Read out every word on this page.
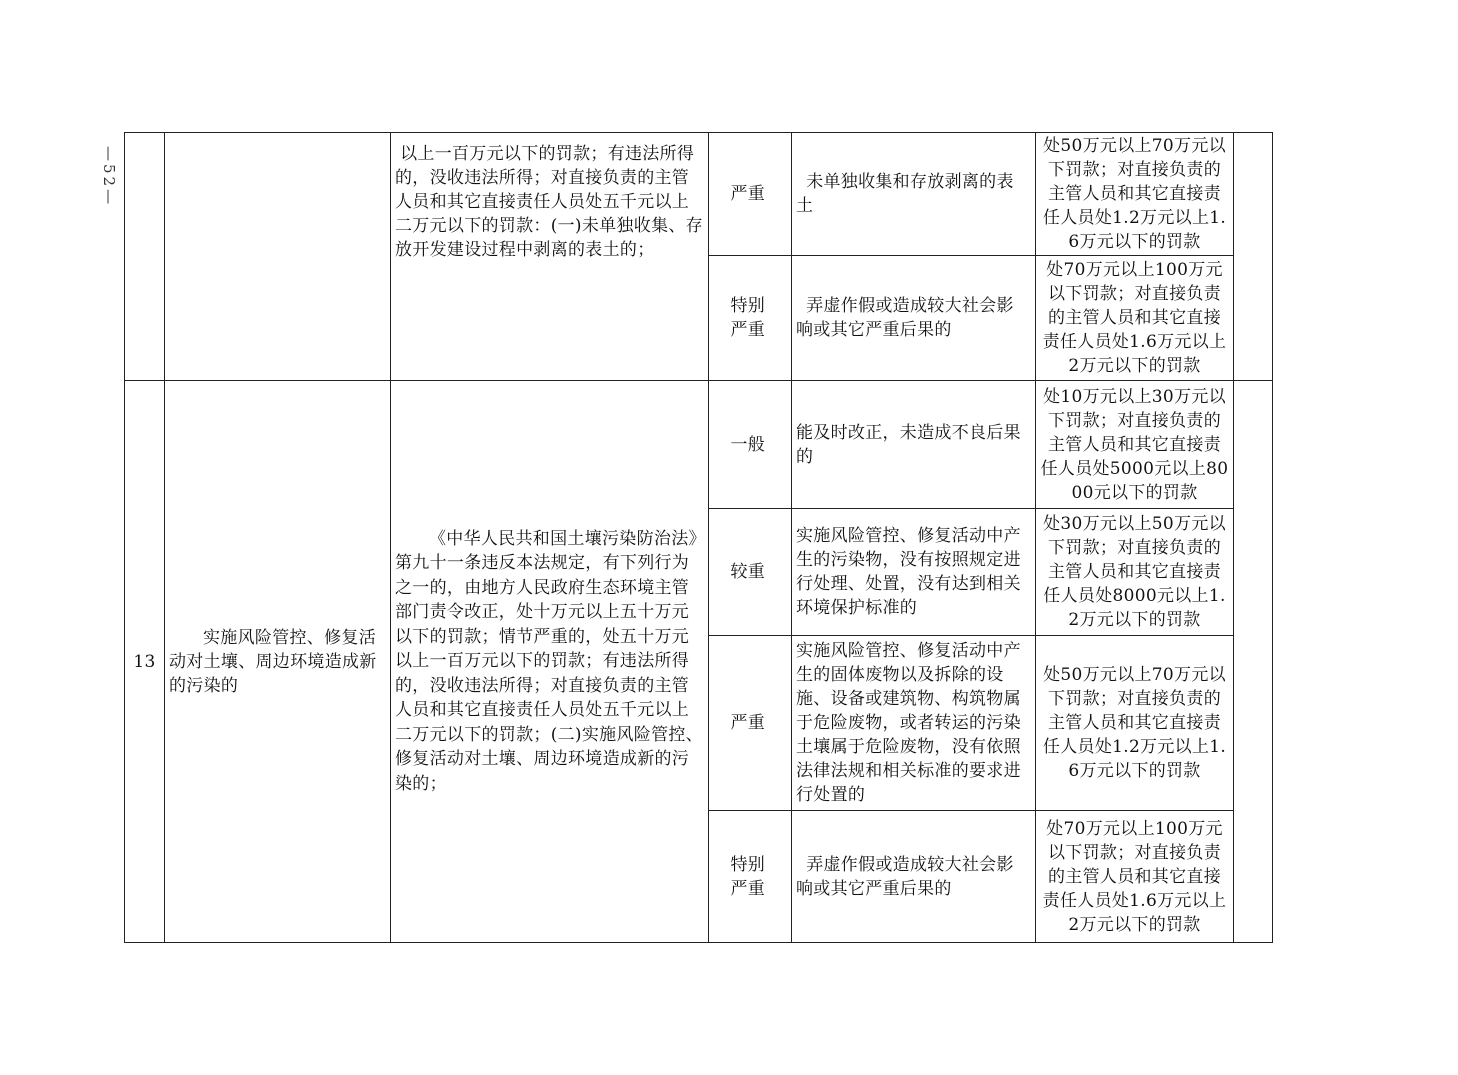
—52—

		以上一百万元以下的罚款；有违法所得的，没收违法所得；对直接负责的主管人员和其它直接责任人员处五千元以上二万元以下的罚款：(一)未单独收集、存放开发建设过程中剥离的表土的；	严重	未单独收集和存放剥离的表土	处50万元以上70万元以下罚款；对直接负责的主管人员和其它直接责任人员处1.2万元以上1.6万元以下的罚款	
			特别严重	弄虚作假或造成较大社会影响或其它严重后果的	处70万元以上100万元以下罚款；对直接负责的主管人员和其它直接责任人员处1.6万元以上2万元以下的罚款	
13	实施风险管控、修复活动对土壤、周边环境造成新的污染的	《中华人民共和国土壤污染防治法》第九十一条违反本法规定，有下列行为之一的，由地方人民政府生态环境主管部门责令改正，处十万元以上五十万元以下的罚款；情节严重的，处五十万元以上一百万元以下的罚款；有违法所得的，没收违法所得；对直接负责的主管人员和其它直接责任人员处五千元以上二万元以下的罚款；(二)实施风险管控、修复活动对土壤、周边环境造成新的污染的；	一般	能及时改正，未造成不良后果的	处10万元以上30万元以下罚款；对直接负责的主管人员和其它直接责任人员处5000元以上8000元以下的罚款	
			较重	实施风险管控、修复活动中产生的污染物，没有按照规定进行处理、处置，没有达到相关环境保护标准的	处30万元以上50万元以下罚款；对直接负责的主管人员和其它直接责任人员处8000元以上1.2万元以下的罚款	
			严重	实施风险管控、修复活动中产生的固体废物以及拆除的设施、设备或建筑物、构筑物属于危险废物，或者转运的污染土壤属于危险废物，没有依照法律法规和相关标准的要求进行处置的	处50万元以上70万元以下罚款；对直接负责的主管人员和其它直接责任人员处1.2万元以上1.6万元以下的罚款	
			特别严重	弄虚作假或造成较大社会影响或其它严重后果的	处70万元以上100万元以下罚款；对直接负责的主管人员和其它直接责任人员处1.6万元以上2万元以下的罚款	
